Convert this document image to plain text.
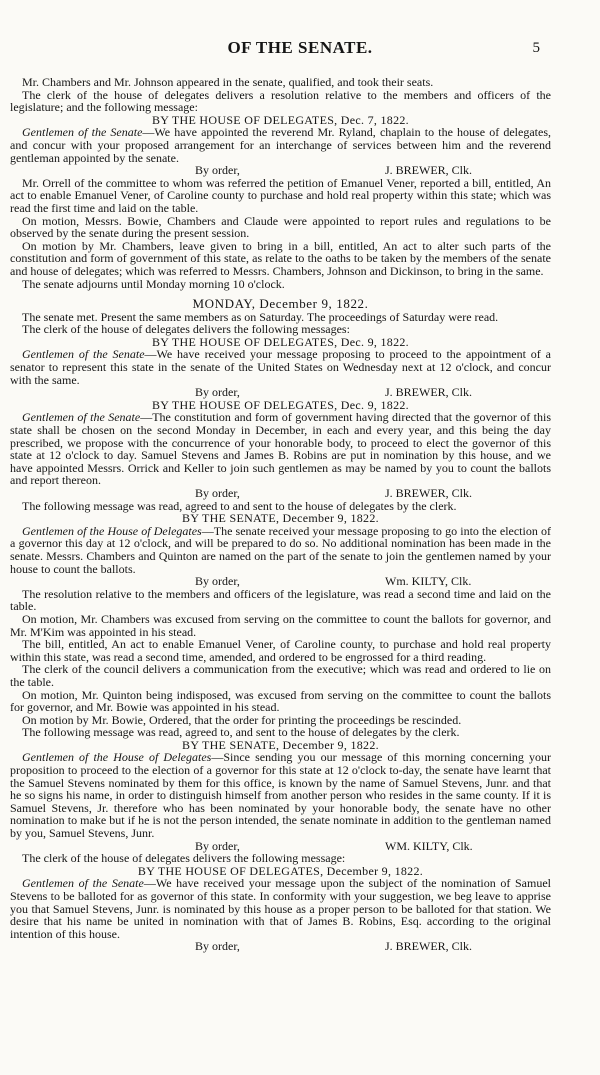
OF THE SENATE.	5

Mr. Chambers and Mr. Johnson appeared in the senate, qualified, and took their seats.

The clerk of the house of delegates delivers a resolution relative to the members and officers of the legislature; and the following message:

BY THE HOUSE OF DELEGATES, Dec. 7, 1822.

Gentlemen of the Senate—We have appointed the reverend Mr. Ryland, chaplain to the house of delegates, and concur with your proposed arrangement for an interchange of services between him and the reverend gentleman appointed by the senate.

By order,	J. BREWER, Clk.

Mr. Orrell of the committee to whom was referred the petition of Emanuel Vener, reported a bill, entitled, An act to enable Emanuel Vener, of Caroline county to purchase and hold real property within this state; which was read the first time and laid on the table.

On motion, Messrs. Bowie, Chambers and Claude were appointed to report rules and regulations to be observed by the senate during the present session.

On motion by Mr. Chambers, leave given to bring in a bill, entitled, An act to alter such parts of the constitution and form of government of this state, as relate to the oaths to be taken by the members of the senate and house of delegates; which was referred to Messrs. Chambers, Johnson and Dickinson, to bring in the same.

The senate adjourns until Monday morning 10 o'clock.

MONDAY, December 9, 1822.

The senate met. Present the same members as on Saturday. The proceedings of Saturday were read.

The clerk of the house of delegates delivers the following messages:

BY THE HOUSE OF DELEGATES, Dec. 9, 1822.

Gentlemen of the Senate—We have received your message proposing to proceed to the appointment of a senator to represent this state in the senate of the United States on Wednesday next at 12 o'clock, and concur with the same.

By order,	J. BREWER, Clk.

BY THE HOUSE OF DELEGATES, Dec. 9, 1822.

Gentlemen of the Senate—The constitution and form of government having directed that the governor of this state shall be chosen on the second Monday in December, in each and every year, and this being the day prescribed, we propose with the concurrence of your honorable body, to proceed to elect the governor of this state at 12 o'clock to day. Samuel Stevens and James B. Robins are put in nomination by this house, and we have appointed Messrs. Orrick and Keller to join such gentlemen as may be named by you to count the ballots and report thereon.

By order,	J. BREWER, Clk.

The following message was read, agreed to and sent to the house of delegates by the clerk.

BY THE SENATE, December 9, 1822.

Gentlemen of the House of Delegates—The senate received your message proposing to go into the election of a governor this day at 12 o'clock, and will be prepared to do so. No additional nomination has been made in the senate. Messrs. Chambers and Quinton are named on the part of the senate to join the gentlemen named by your house to count the ballots.

By order,	Wm. KILTY, Clk.

The resolution relative to the members and officers of the legislature, was read a second time and laid on the table.

On motion, Mr. Chambers was excused from serving on the committee to count the ballots for governor, and Mr. M'Kim was appointed in his stead.

The bill, entitled, An act to enable Emanuel Vener, of Caroline county, to purchase and hold real property within this state, was read a second time, amended, and ordered to be engrossed for a third reading.

The clerk of the council delivers a communication from the executive; which was read and ordered to lie on the table.

On motion, Mr. Quinton being indisposed, was excused from serving on the committee to count the ballots for governor, and Mr. Bowie was appointed in his stead.

On motion by Mr. Bowie, Ordered, that the order for printing the proceedings be rescinded.

The following message was read, agreed to, and sent to the house of delegates by the clerk.

BY THE SENATE, December 9, 1822.

Gentlemen of the House of Delegates—Since sending you our message of this morning concerning your proposition to proceed to the election of a governor for this state at 12 o'clock to-day, the senate have learnt that the Samuel Stevens nominated by them for this office, is known by the name of Samuel Stevens, Junr. and that he so signs his name, in order to distinguish himself from another person who resides in the same county. If it is Samuel Stevens, Jr. therefore who has been nominated by your honorable body, the senate have no other nomination to make but if he is not the person intended, the senate nominate in addition to the gentleman named by you, Samuel Stevens, Junr.

By order,	WM. KILTY, Clk.

The clerk of the house of delegates delivers the following message:

BY THE HOUSE OF DELEGATES, December 9, 1822.

Gentlemen of the Senate—We have received your message upon the subject of the nomination of Samuel Stevens to be balloted for as governor of this state. In conformity with your suggestion, we beg leave to apprise you that Samuel Stevens, Junr. is nominated by this house as a proper person to be balloted for that station. We desire that his name be united in nomination with that of James B. Robins, Esq. according to the original intention of this house.

By order,	J. BREWER, Clk.
